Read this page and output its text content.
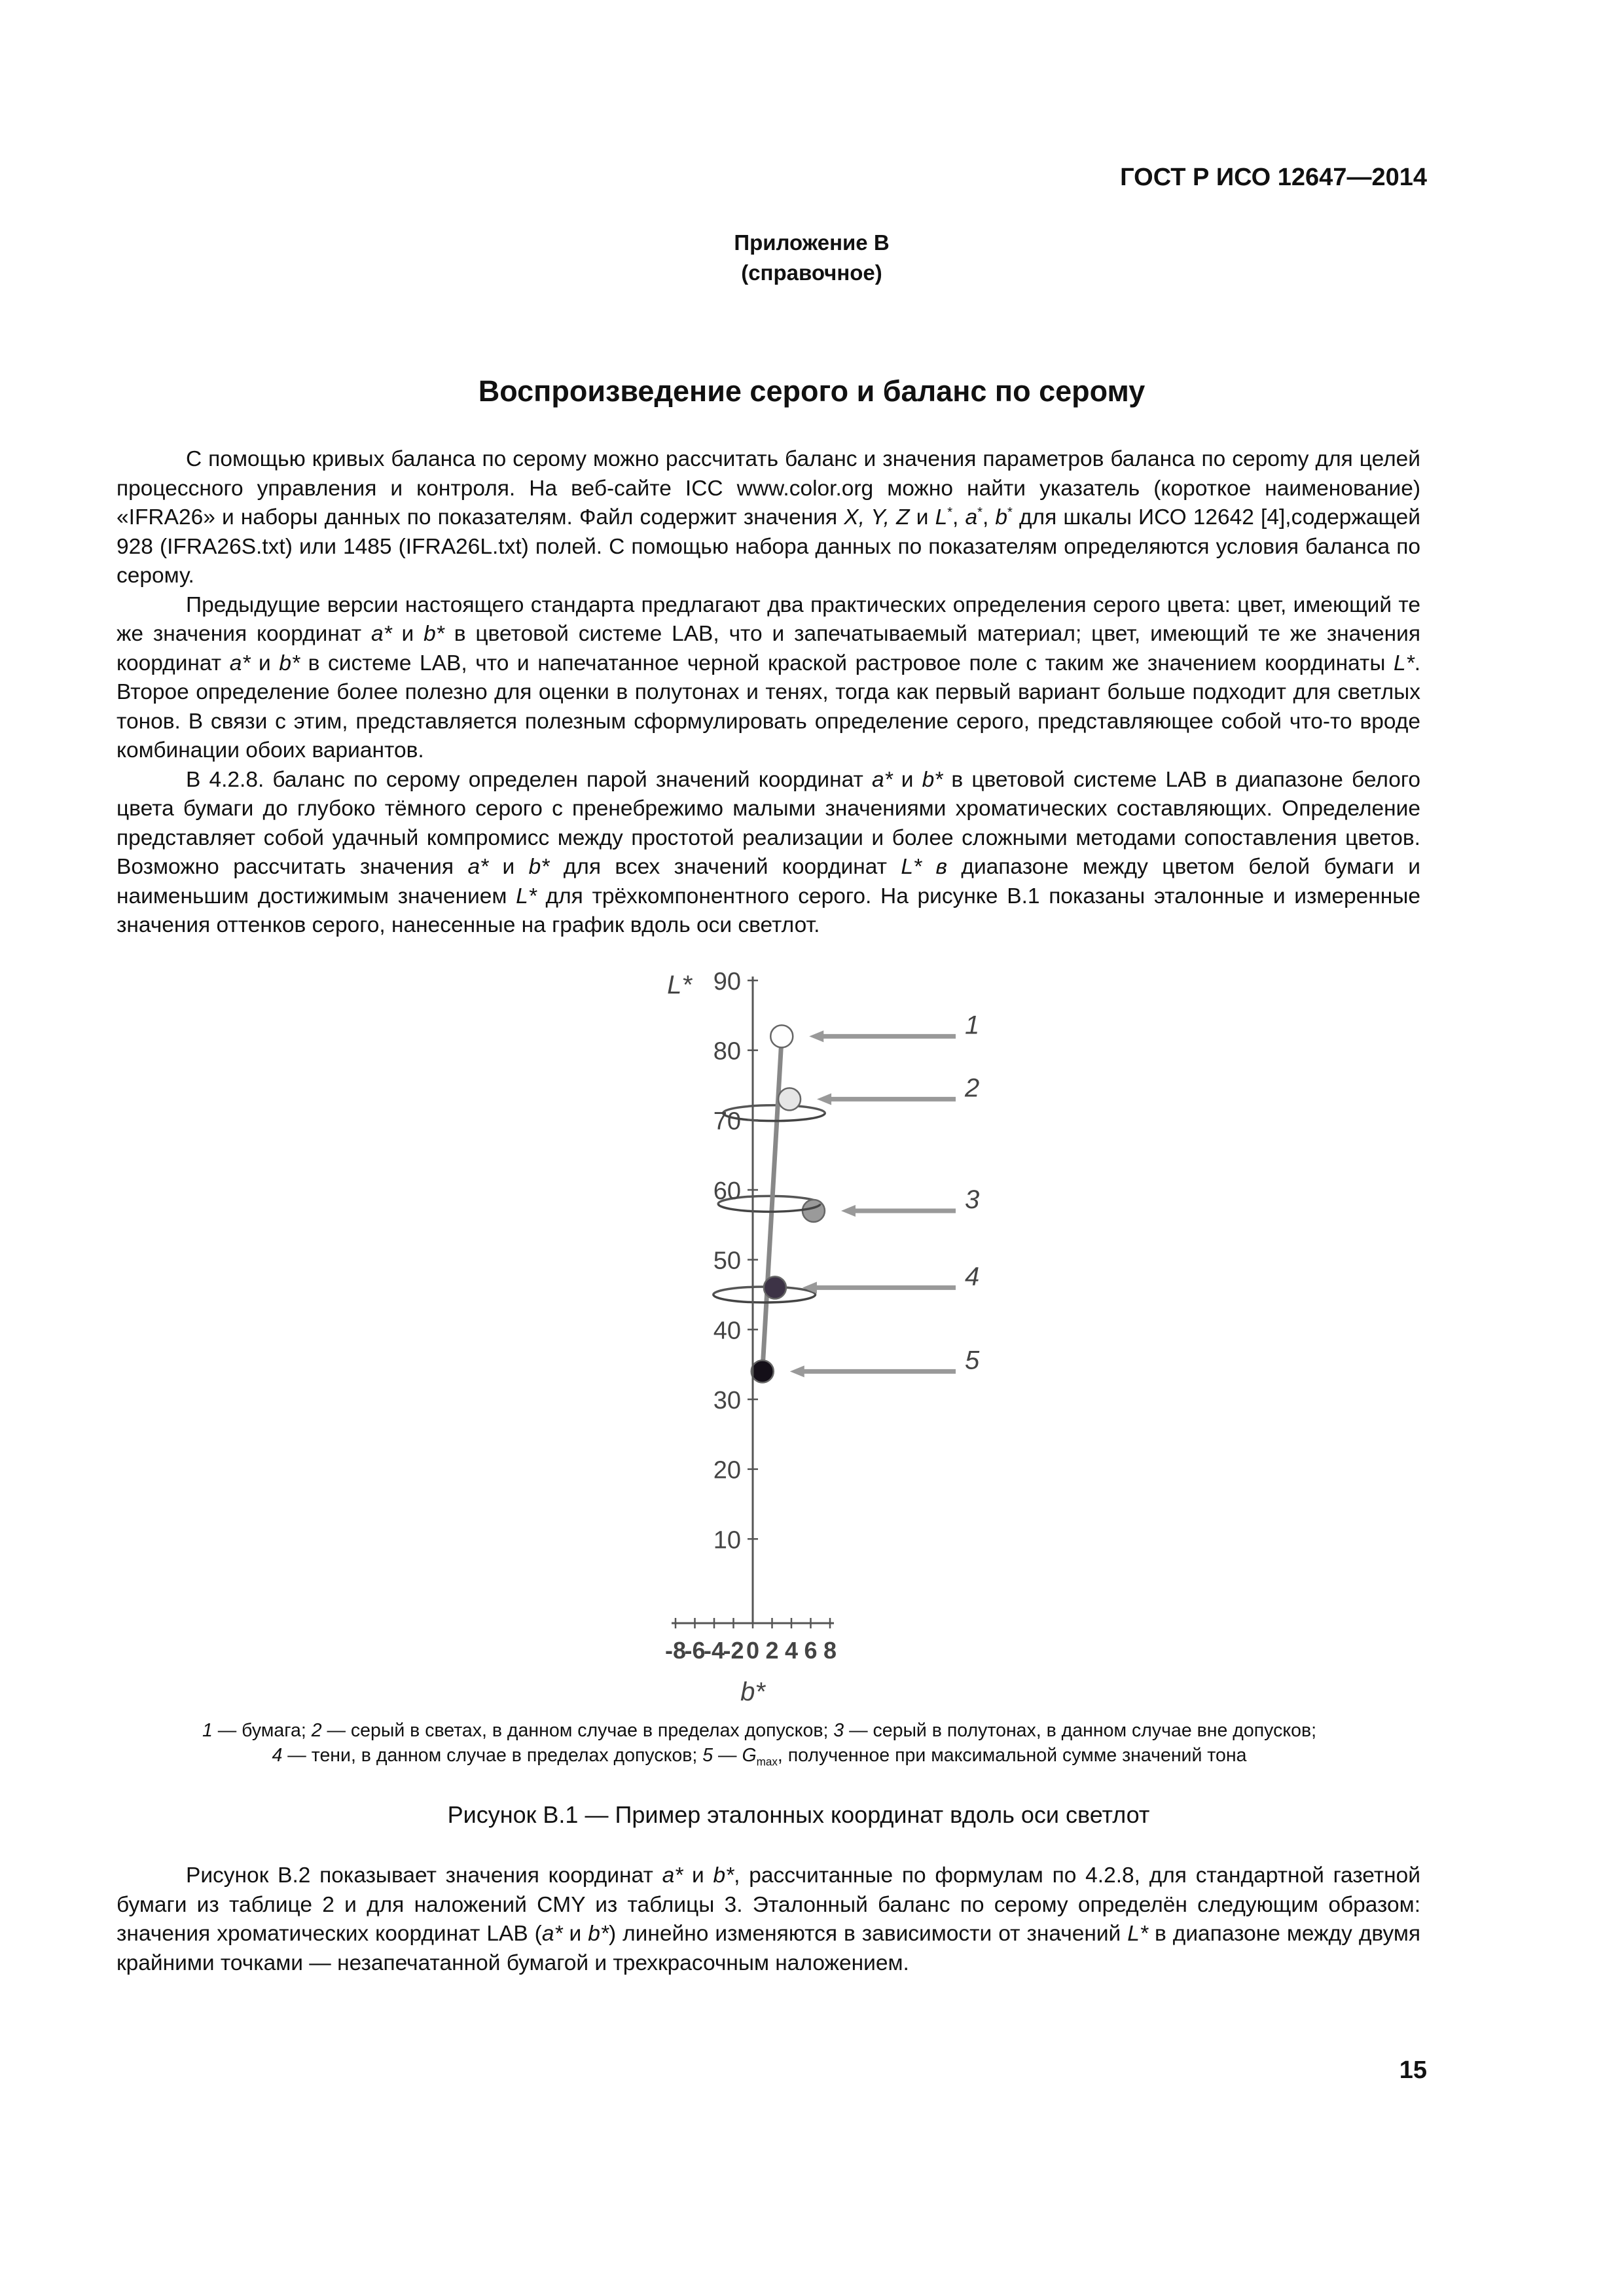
ГОСТ Р ИСО 12647—2014
Приложение В
(справочное)
Воспроизведение серого и баланс по серому

С помощью кривых баланса по серому можно рассчитать баланс и значения параметров баланса по сероmy для целей процессного управления и контроля. На веб-сайте ICC www.color.org можно найти указатель (короткое наименование) «IFRA26» и наборы данных по показателям. Файл содержит значения X, Y, Z и L*, a*, b* для шкалы ИСО 12642 [4],содержащей 928 (IFRA26S.txt) или 1485 (IFRA26L.txt) полей. С помощью набора данных по показателям определяются условия баланса по серому.

Предыдущие версии настоящего стандарта предлагают два практических определения серого цвета: цвет, имеющий те же значения координат a* и b* в цветовой системе LAB, что и запечатываемый материал; цвет, имеющий те же значения координат a* и b* в системе LAB, что и напечатанное черной краской растровое поле с таким же значением координаты L*. Второе определение более полезно для оценки в полутонах и тенях, тогда как первый вариант больше подходит для светлых тонов. В связи с этим, представляется полезным сформулировать определение серого, представляющее собой что-то вроде комбинации обоих вариантов.

В 4.2.8. баланс по серому определен парой значений координат a* и b* в цветовой системе LAB в диапазоне белого цвета бумаги до глубоко тёмного серого с пренебрежимо малыми значениями хроматических составляющих. Определение представляет собой удачный компромисс между простотой реализации и более сложными методами сопоставления цветов. Возможно рассчитать значения a* и b* для всех значений координат L* в диапазоне между цветом белой бумаги и наименьшим достижимым значением L* для трёхкомпонентного серого. На рисунке В.1 показаны эталонные и измеренные значения оттенков серого, нанесенные на график вдоль оси светлот.

1
2
3
4
5
10
20
30
40
50
60
70
80
90
-8
-6
-4
-2 0 2 4 6 8
L*
b*
1 — бумага; 2 — серый в светах, в данном случае в пределах допусков; 3 — серый в полутонах, в данном случае вне допусков;
4 — тени, в данном случае в пределах допусков; 5 — $G_{max}$, полученное при максимальной сумме значений тона
Рисунок В.1 — Пример эталонных координат вдоль оси светлот

Рисунок В.2 показывает значения координат a* и b*, рассчитанные по формулам по 4.2.8, для стандартной газетной бумаги из таблице 2 и для наложений CMY из таблицы 3. Эталонный баланс по серому определён следующим образом: значения хроматических координат LAB (a* и b*) линейно изменяются в зависимости от значений L* в диапазоне между двумя крайними точками — незапечатанной бумагой и трехкрасочным наложением.

15
